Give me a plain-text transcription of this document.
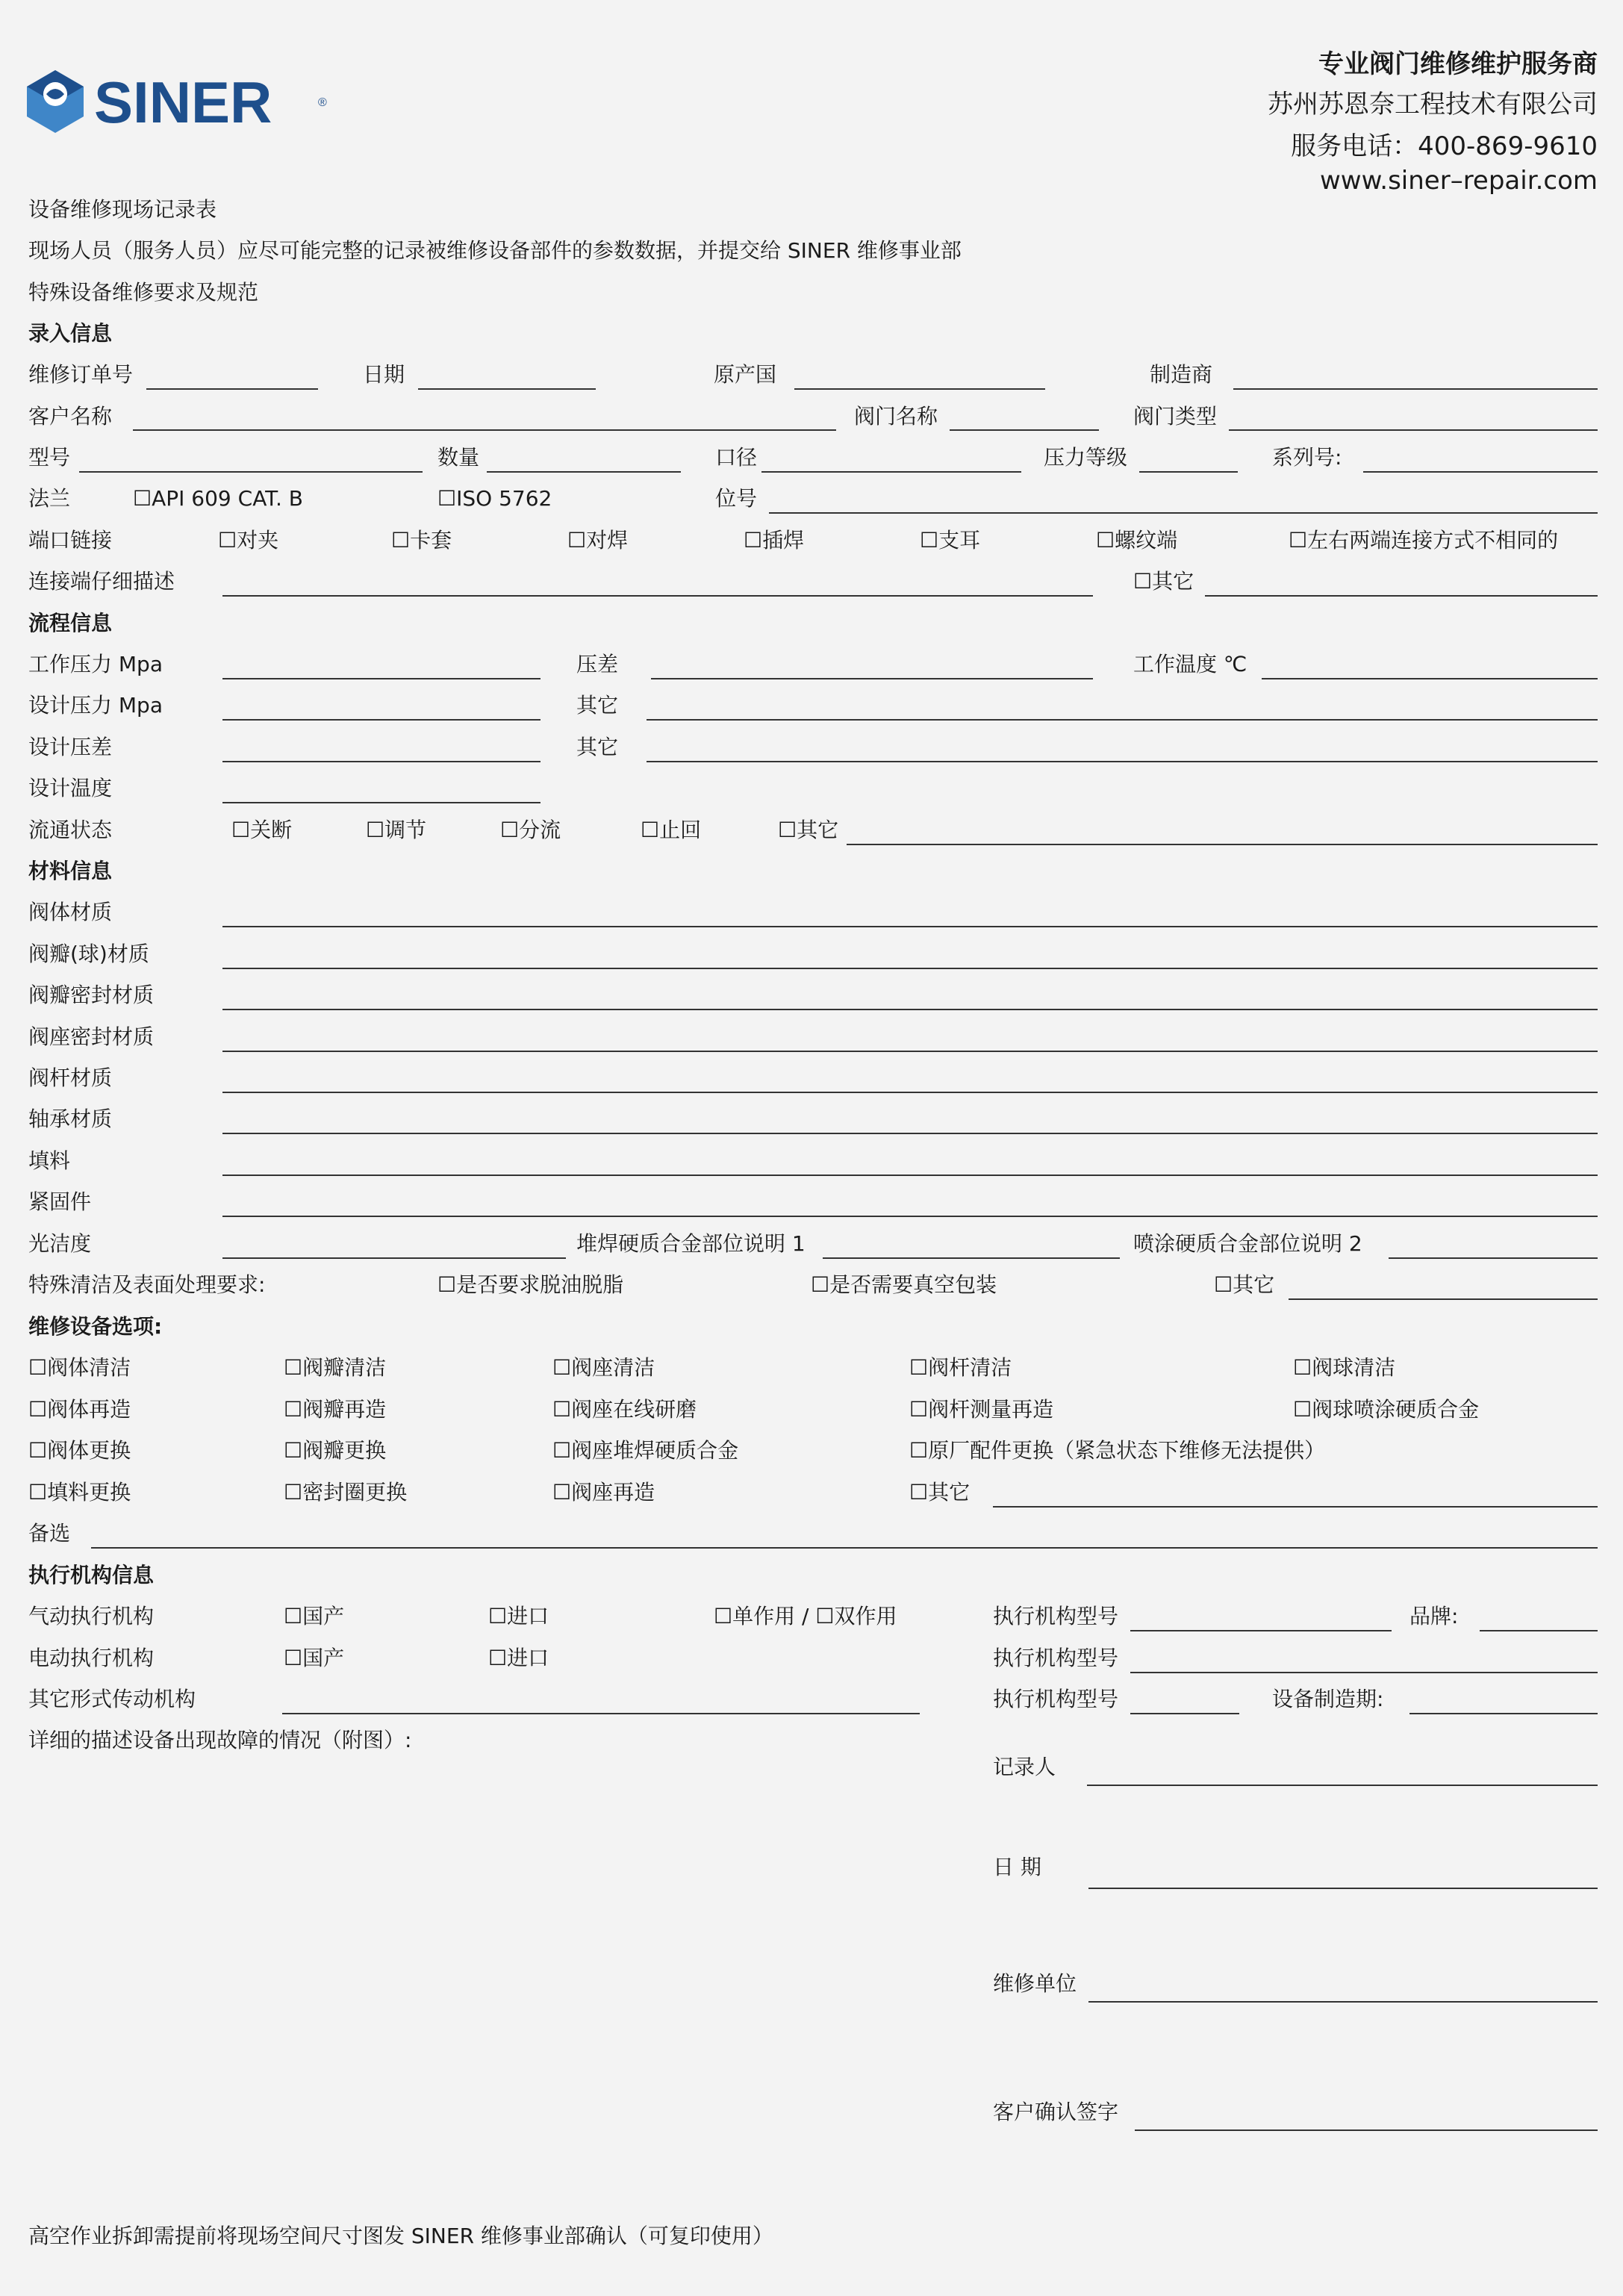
SINER	®
专业阀门维修维护服务商
苏州苏恩奈工程技术有限公司
服务电话：400-869-9610
www.siner–repair.com
设备维修现场记录表
现场人员（服务人员）应尽可能完整的记录被维修设备部件的参数数据，并提交给 SINER 维修事业部
特殊设备维修要求及规范
录入信息
维修订单号	日期	原产国	制造商
客户名称	阀门名称	阀门类型
型号	数量	口径	压力等级	系列号:
法兰	☐API 609 CAT. B	☐ISO 5762	位号
端口链接	☐对夹	☐卡套	☐对焊	☐插焊	☐支耳	☐螺纹端	☐左右两端连接方式不相同的
连接端仔细描述	☐其它
流程信息
工作压力 Mpa	压差	工作温度 ℃
设计压力 Mpa	其它
设计压差	其它
设计温度
流通状态	☐关断	☐调节	☐分流	☐止回	☐其它
材料信息
阀体材质
阀瓣(球)材质
阀瓣密封材质
阀座密封材质
阀杆材质
轴承材质
填料
紧固件
光洁度	堆焊硬质合金部位说明 1	喷涂硬质合金部位说明 2
特殊清洁及表面处理要求:	☐是否要求脱油脱脂	☐是否需要真空包装	☐其它
维修设备选项:
☐阀体清洁	☐阀瓣清洁	☐阀座清洁	☐阀杆清洁	☐阀球清洁
☐阀体再造	☐阀瓣再造	☐阀座在线研磨	☐阀杆测量再造	☐阀球喷涂硬质合金
☐阀体更换	☐阀瓣更换	☐阀座堆焊硬质合金	☐原厂配件更换（紧急状态下维修无法提供）
☐填料更换	☐密封圈更换	☐阀座再造	☐其它
备选
执行机构信息
气动执行机构	☐国产	☐进口	☐单作用 / ☐双作用	执行机构型号	品牌:
电动执行机构	☐国产	☐进口	执行机构型号
其它形式传动机构	执行机构型号	设备制造期:
详细的描述设备出现故障的情况（附图）:
记录人
日 期
维修单位
客户确认签字
高空作业拆卸需提前将现场空间尺寸图发 SINER 维修事业部确认（可复印使用）
